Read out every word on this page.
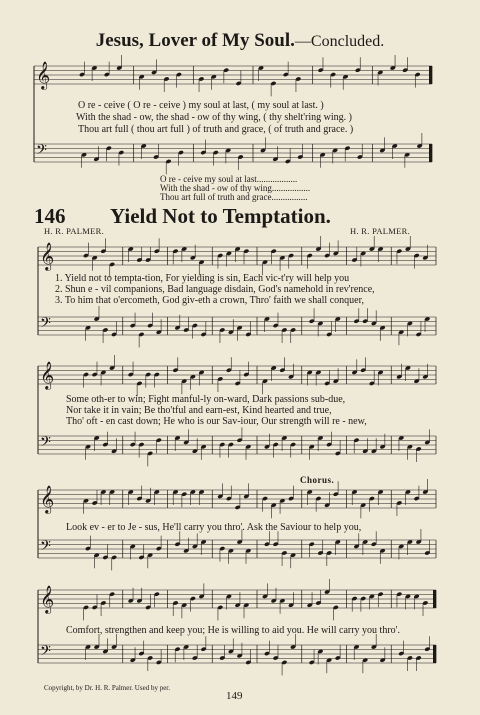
𝄞
𝄢
𝄞
𝄢
𝄞
𝄢
𝄞
𝄢
𝄞
𝄢
Jesus, Lover of My Soul.—Concluded.
O re - ceive ( O re - ceive ) my soul at last, ( my soul at last. )
With the shad - ow, the shad - ow of thy wing, ( thy shelt'ring wing. )
Thou art full ( thou art full ) of truth and grace, ( of truth and grace. )
O re - ceive my soul at last..................
With the shad - ow of thy wing.................
Thou art full of truth and grace................
146 Yield Not to Temptation.
H. R. PALMER.	H. R. PALMER.
1. Yield not to tempta-tion, For yielding is sin, Each vic-t'ry will help you
2. Shun e - vil companions, Bad language disdain, God's namehold in rev'rence,
3. To him that o'ercometh, God giv-eth a crown, Thro' faith we shall conquer,
Some oth-er to win; Fight manful-ly on-ward, Dark passions sub-due,
Nor take it in vain; Be tho'tful and earn-est, Kind hearted and true,
Tho' oft - en cast down; He who is our Sav-iour, Our strength will re - new,
Chorus.
Look ev - er to Je - sus, He'll carry you thro'. Ask the Saviour to help you,
Comfort, strengthen and keep you; He is willing to aid you. He will carry you thro'.
Copyright, by Dr. H. R. Palmer. Used by per.
149
